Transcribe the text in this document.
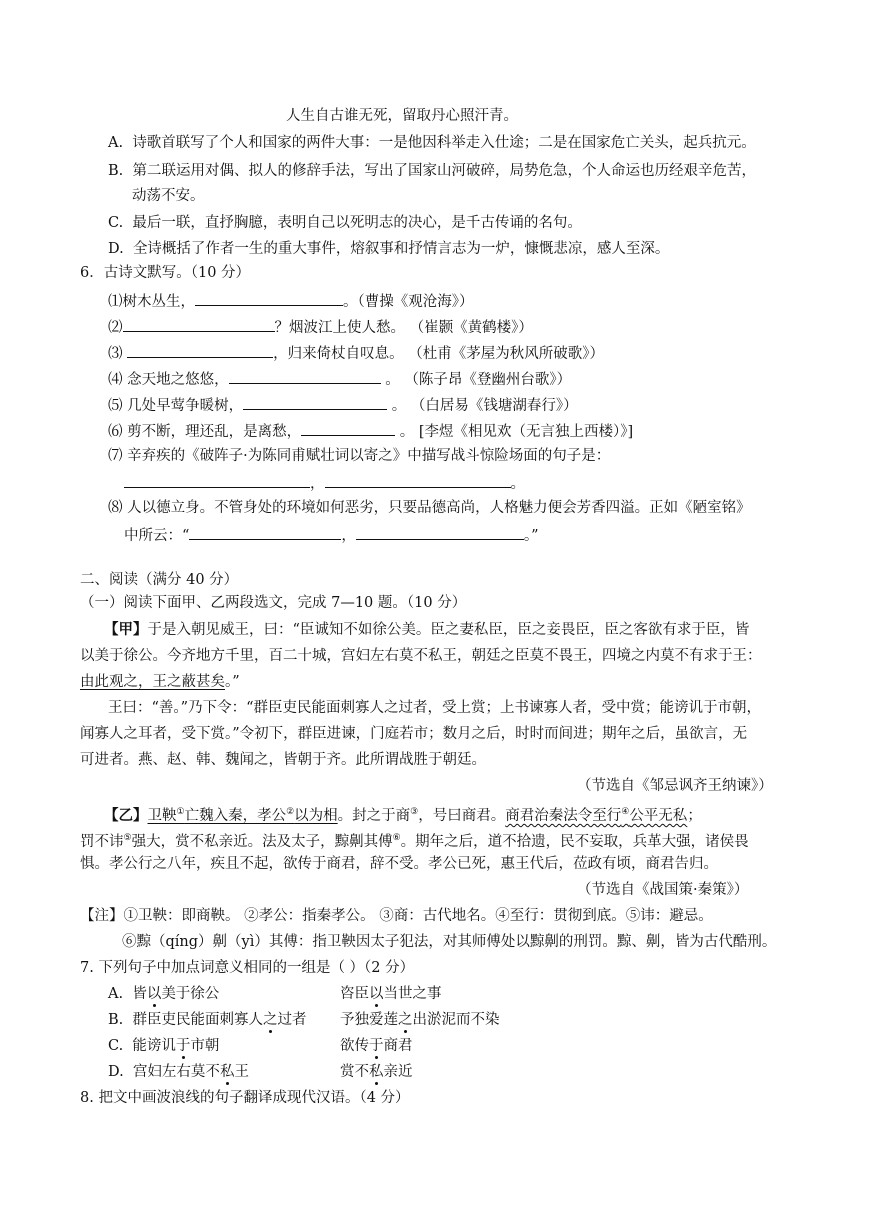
人生自古谁无死，留取丹心照汗青。
A. 诗歌首联写了个人和国家的两件大事：一是他因科举走入仕途；二是在国家危亡关头，起兵抗元。
B. 第二联运用对偶、拟人的修辞手法，写出了国家山河破碎，局势危急，个人命运也历经艰辛危苦，
动荡不安。
C. 最后一联，直抒胸臆，表明自己以死明志的决心，是千古传诵的名句。
D. 全诗概括了作者一生的重大事件，熔叙事和抒情言志为一炉，慷慨悲凉，感人至深。
6．古诗文默写。（10 分）
⑴树木丛生，	。（曹操《观沧海》）
⑵	？烟波江上使人愁。 （崔颢《黄鹤楼》）
⑶	，归来倚杖自叹息。 （杜甫《茅屋为秋风所破歌》）
⑷ 念天地之悠悠，	。 （陈子昂《登幽州台歌》）
⑸ 几处早莺争暖树，	。 （白居易《钱塘湖春行》）
⑹ 剪不断，理还乱，是离愁，	。 [李煜《相见欢（无言独上西楼）》]
⑺ 辛弃疾的《破阵子·为陈同甫赋壮词以寄之》中描写战斗惊险场面的句子是：
，	。
⑻ 人以德立身。不管身处的环境如何恶劣，只要品德高尚，人格魅力便会芳香四溢。正如《陋室铭》
中所云：“	，	。”
二、阅读（满分 40 分）
（一）阅读下面甲、乙两段选文，完成 7—10 题。（10 分）
【甲】于是入朝见威王，曰：“臣诚知不如徐公美。臣之妻私臣，臣之妾畏臣，臣之客欲有求于臣，皆
以美于徐公。今齐地方千里，百二十城，宫妇左右莫不私王，朝廷之臣莫不畏王，四境之内莫不有求于王：
由此观之，王之蔽甚矣。”
王曰：“善。”乃下令：“群臣吏民能面刺寡人之过者，受上赏；上书谏寡人者，受中赏；能谤讥于市朝，
闻寡人之耳者，受下赏。”令初下，群臣进谏，门庭若市；数月之后，时时而间进；期年之后，虽欲言，无
可进者。燕、赵、韩、魏闻之，皆朝于齐。此所谓战胜于朝廷。
（节选自《邹忌讽齐王纳谏》）
【乙】卫鞅①亡魏入秦，孝公②以为相。封之于商③，号曰商君。商君治秦法令至行④公平无私；
罚不讳⑤强大，赏不私亲近。法及太子，黥劓其傅⑥。期年之后，道不拾遗，民不妄取，兵革大强，诸侯畏
惧。孝公行之八年，疾且不起，欲传于商君，辞不受。孝公已死，惠王代后，莅政有顷，商君告归。
（节选自《战国策·秦策》）
【注】①卫鞅：即商鞅。 ②孝公：指秦孝公。 ③商：古代地名。④至行：贯彻到底。⑤讳：避忌。
⑥黥（qíng）劓（yì）其傅：指卫鞅因太子犯法，对其师傅处以黥劓的刑罚。黥、劓，皆为古代酷刑。
7. 下列句子中加点词意义相同的一组是（ ）（2 分）
A. 皆以美于徐公	咨臣以当世之事
B. 群臣吏民能面刺寡人之过者 予独爱莲之出淤泥而不染
C. 能谤讥于市朝	欲传于商君
D. 宫妇左右莫不私王	赏不私亲近
8. 把文中画波浪线的句子翻译成现代汉语。（4 分）
